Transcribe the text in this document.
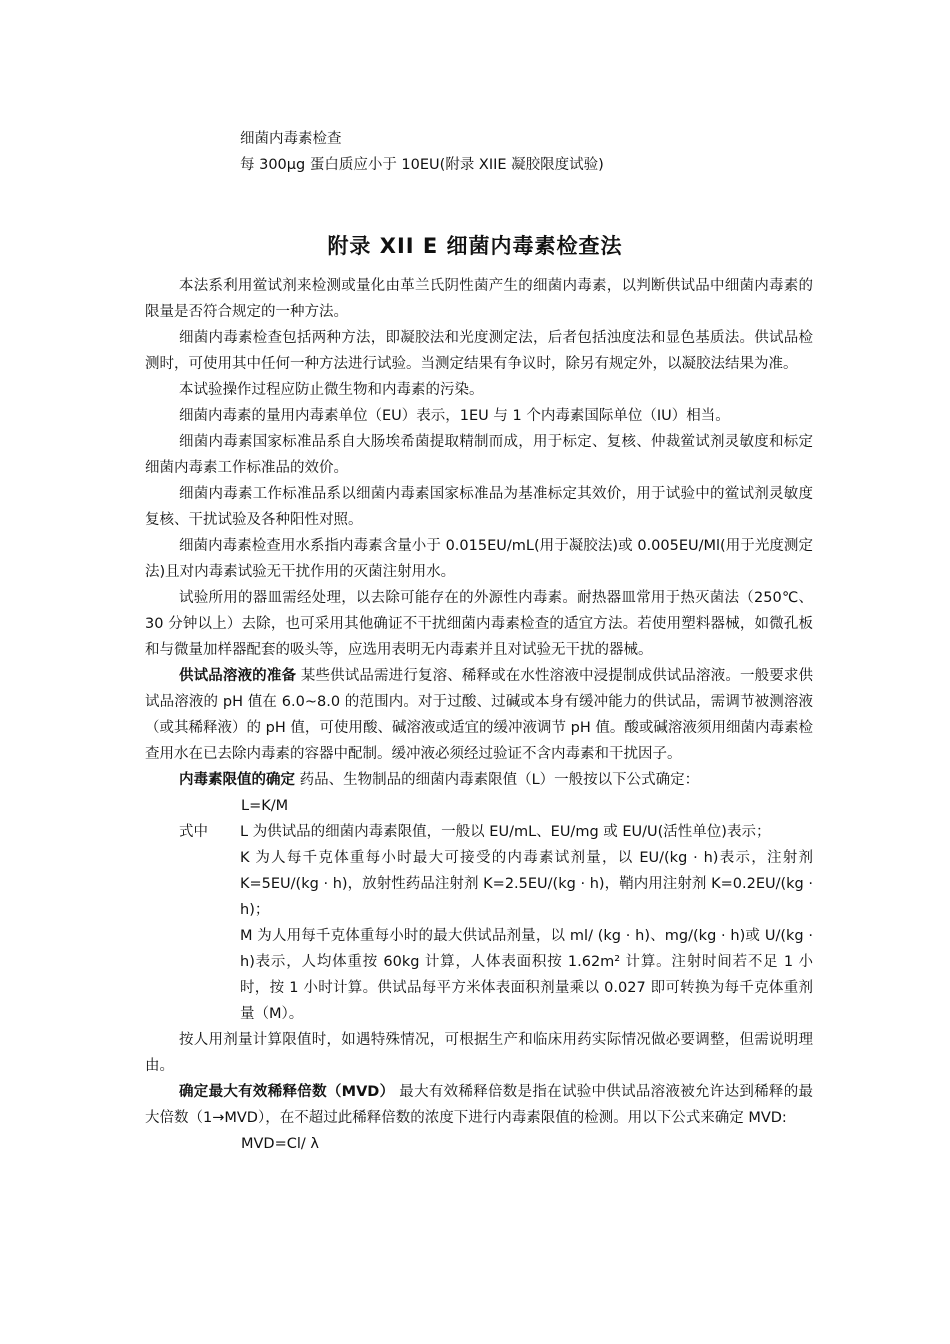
细菌内毒素检查
每 300μg 蛋白质应小于 10EU(附录 XIIE 凝胶限度试验)
附录 XII E 细菌内毒素检查法

本法系利用鲎试剂来检测或量化由革兰氏阴性菌产生的细菌内毒素，以判断供试品中细菌内毒素的限量是否符合规定的一种方法。

细菌内毒素检查包括两种方法，即凝胶法和光度测定法，后者包括浊度法和显色基质法。供试品检测时，可使用其中任何一种方法进行试验。当测定结果有争议时，除另有规定外，以凝胶法结果为准。

本试验操作过程应防止微生物和内毒素的污染。

细菌内毒素的量用内毒素单位（EU）表示，1EU 与 1 个内毒素国际单位（IU）相当。

细菌内毒素国家标准品系自大肠埃希菌提取精制而成，用于标定、复核、仲裁鲎试剂灵敏度和标定细菌内毒素工作标准品的效价。

细菌内毒素工作标准品系以细菌内毒素国家标准品为基准标定其效价，用于试验中的鲎试剂灵敏度复核、干扰试验及各种阳性对照。

细菌内毒素检查用水系指内毒素含量小于 0.015EU/mL(用于凝胶法)或 0.005EU/Ml(用于光度测定法)且对内毒素试验无干扰作用的灭菌注射用水。

试验所用的器皿需经处理，以去除可能存在的外源性内毒素。耐热器皿常用于热灭菌法（250℃、30 分钟以上）去除，也可采用其他确证不干扰细菌内毒素检查的适宜方法。若使用塑料器械，如微孔板和与微量加样器配套的吸头等，应选用表明无内毒素并且对试验无干扰的器械。

供试品溶液的准备 某些供试品需进行复溶、稀释或在水性溶液中浸提制成供试品溶液。一般要求供试品溶液的 pH 值在 6.0~8.0 的范围内。对于过酸、过碱或本身有缓冲能力的供试品，需调节被测溶液（或其稀释液）的 pH 值，可使用酸、碱溶液或适宜的缓冲液调节 pH 值。酸或碱溶液须用细菌内毒素检查用水在已去除内毒素的容器中配制。缓冲液必须经过验证不含内毒素和干扰因子。

内毒素限值的确定 药品、生物制品的细菌内毒素限值（L）一般按以下公式确定：

L=K/M

式中	L 为供试品的细菌内毒素限值，一般以 EU/mL、EU/mg 或 EU/U(活性单位)表示；

K 为人每千克体重每小时最大可接受的内毒素试剂量，以 EU/(kg · h)表示，注射剂 K=5EU/(kg · h)，放射性药品注射剂 K=2.5EU/(kg · h)，鞘内用注射剂 K=0.2EU/(kg · h)；

M 为人用每千克体重每小时的最大供试品剂量，以 ml/ (kg · h)、mg/(kg · h)或 U/(kg · h)表示，人均体重按 60kg 计算，人体表面积按 1.62m² 计算。注射时间若不足 1 小时，按 1 小时计算。供试品每平方米体表面积剂量乘以 0.027 即可转换为每千克体重剂量（M）。

按人用剂量计算限值时，如遇特殊情况，可根据生产和临床用药实际情况做必要调整，但需说明理由。

确定最大有效稀释倍数（MVD） 最大有效稀释倍数是指在试验中供试品溶液被允许达到稀释的最大倍数（1→MVD），在不超过此稀释倍数的浓度下进行内毒素限值的检测。用以下公式来确定 MVD:

MVD=Cl/ λ
